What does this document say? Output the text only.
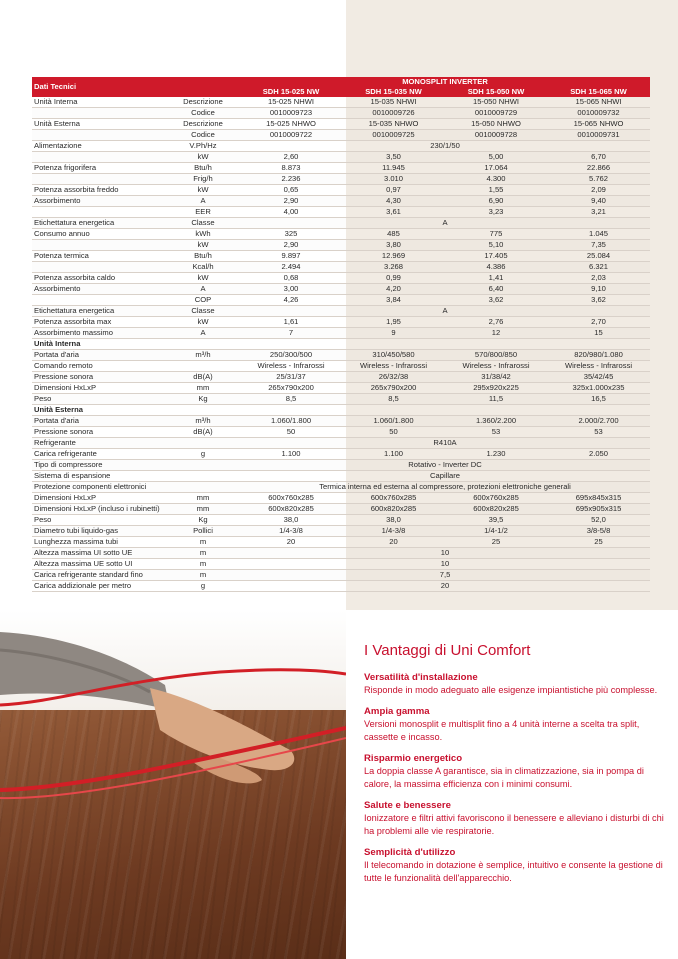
Dati Tecnici		MONOSPLIT INVERTER			
		SDH 15-025 NW	SDH 15-035 NW	SDH 15-050 NW	SDH 15-065 NW
Unità Interna	Descrizione	15-025 NHWI	15-035 NHWI	15-050 NHWI	15-065 NHWI
	Codice	0010009723	0010009726	0010009729	0010009732
Unità Esterna	Descrizione	15-025 NHWO	15-035 NHWO	15-050 NHWO	15-065 NHWO
	Codice	0010009722	0010009725	0010009728	0010009731
Alimentazione	V.Ph/Hz	230/1/50			
	kW	2,60	3,50	5,00	6,70
Potenza frigorifera	Btu/h	8.873	11.945	17.064	22.866
	Frig/h	2.236	3.010	4.300	5.762
Potenza assorbita freddo	kW	0,65	0,97	1,55	2,09
Assorbimento	A	2,90	4,30	6,90	9,40
	EER	4,00	3,61	3,23	3,21
Etichettatura energetica	Classe	A			
Consumo annuo	kWh	325	485	775	1.045
	kW	2,90	3,80	5,10	7,35
Potenza termica	Btu/h	9.897	12.969	17.405	25.084
	Kcal/h	2.494	3.268	4.386	6.321
Potenza assorbita caldo	kW	0,68	0,99	1,41	2,03
Assorbimento	A	3,00	4,20	6,40	9,10
	COP	4,26	3,84	3,62	3,62
Etichettatura energetica	Classe	A			
Potenza assorbita max	kW	1,61	1,95	2,76	2,70
Assorbimento massimo	A	7	9	12	15
Unità Interna					
Portata d'aria	m³/h	250/300/500	310/450/580	570/800/850	820/980/1.080
Comando remoto		Wireless - Infrarossi	Wireless - Infrarossi	Wireless - Infrarossi	Wireless - Infrarossi
Pressione sonora	dB(A)	25/31/37	26/32/38	31/38/42	35/42/45
Dimensioni HxLxP	mm	265x790x200	265x790x200	295x920x225	325x1.000x235
Peso	Kg	8,5	8,5	11,5	16,5
Unità Esterna					
Portata d'aria	m³/h	1.060/1.800	1.060/1.800	1.360/2.200	2.000/2.700
Pressione sonora	dB(A)	50	50	53	53
Refrigerante		R410A			
Carica refrigerante	g	1.100	1.100	1.230	2.050
Tipo di compressore		Rotativo - Inverter DC			
Sistema di espansione		Capillare			
Protezione componenti elettronici		Termica interna ed esterna al compressore, protezioni elettroniche generali			
Dimensioni HxLxP	mm	600x760x285	600x760x285	600x760x285	695x845x315
Dimensioni HxLxP (incluso i rubinetti)	mm	600x820x285	600x820x285	600x820x285	695x905x315
Peso	Kg	38,0	38,0	39,5	52,0
Diametro tubi liquido-gas	Pollici	1/4-3/8	1/4-3/8	1/4-1/2	3/8-5/8
Lunghezza massima tubi	m	20	20	25	25
Altezza massima UI sotto UE	m	10			
Altezza massima UE sotto UI	m	10			
Carica refrigerante standard fino	m	7,5			
Carica addizionale per metro	g	20			
I Vantaggi di Uni Comfort
Versatilità d'installazione
Risponde in modo adeguato alle esigenze impiantistiche più complesse.
Ampia gamma
Versioni monosplit e multisplit fino a 4 unità interne a scelta tra split, cassette e incasso.
Risparmio energetico
La doppia classe A garantisce, sia in climatizzazione, sia in pompa di calore, la massima efficienza con i minimi consumi.
Salute e benessere
Ionizzatore e filtri attivi favoriscono il benessere e alleviano i disturbi di chi ha problemi alle vie respiratorie.
Semplicità d'utilizzo
Il telecomando in dotazione è semplice, intuitivo e consente la gestione di tutte le funzionalità dell'apparecchio.
